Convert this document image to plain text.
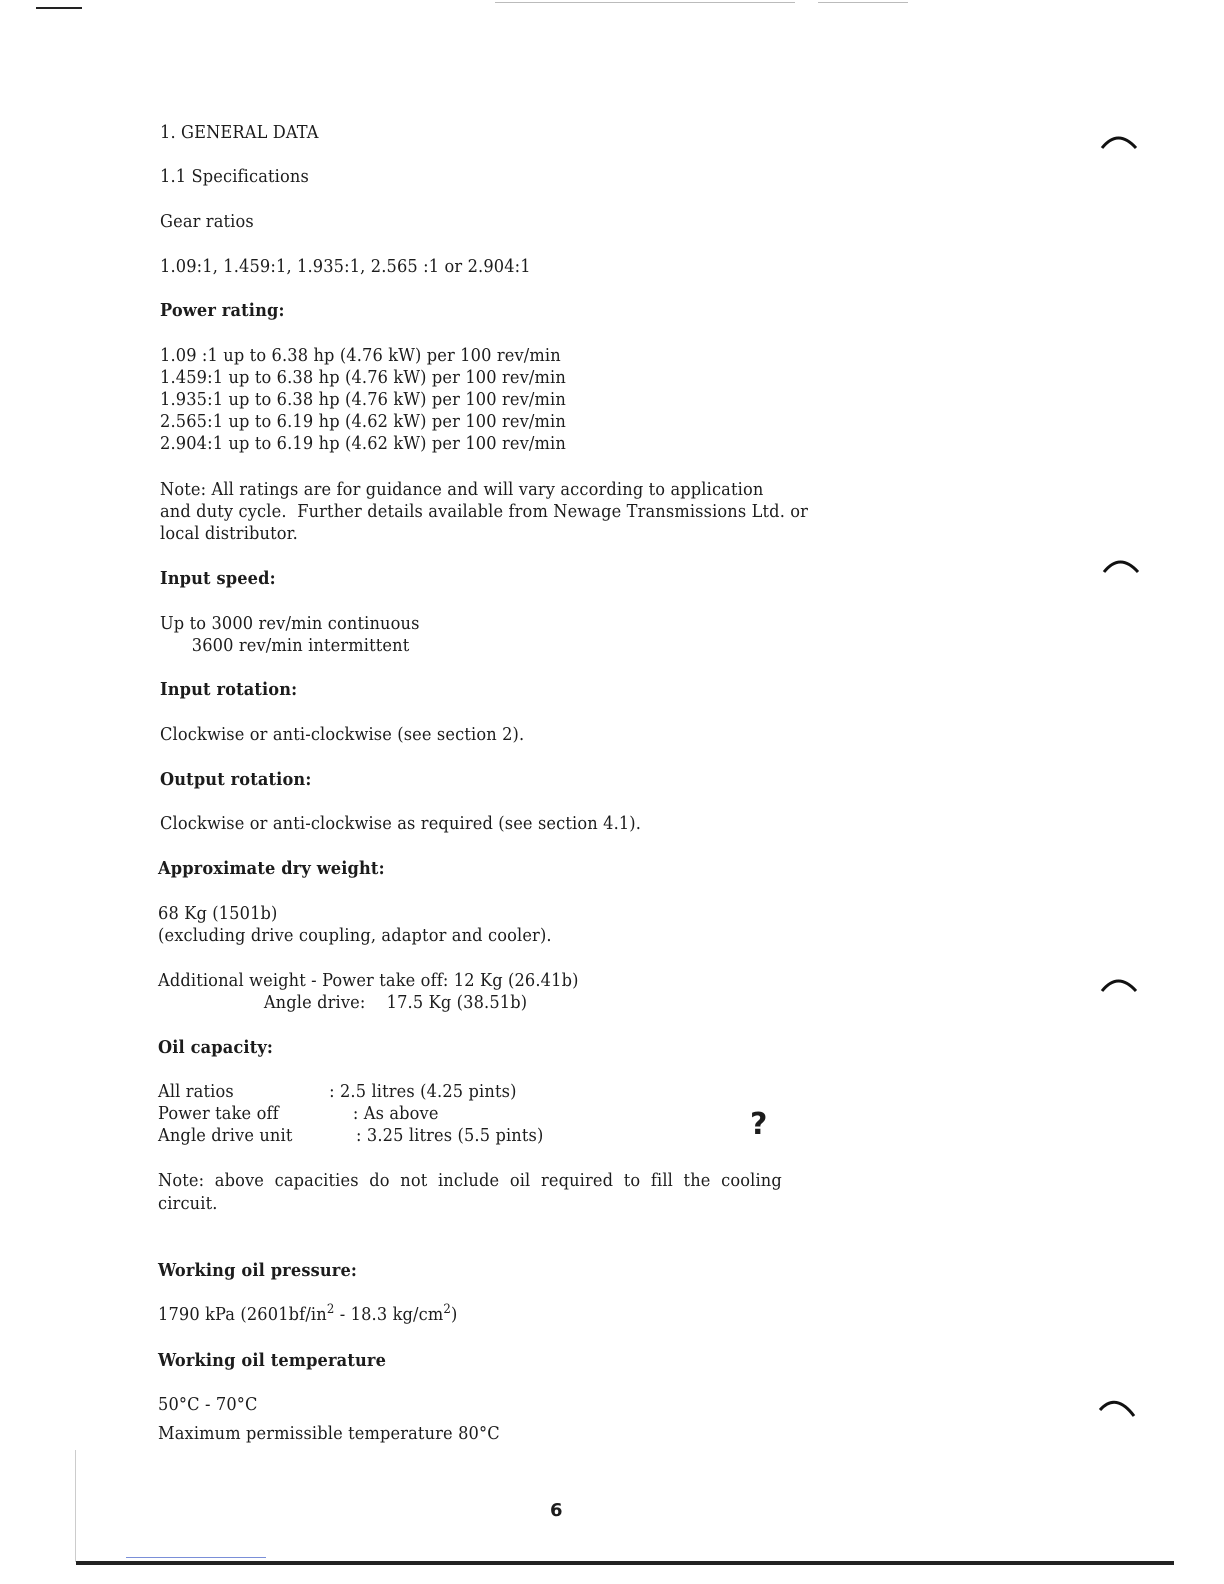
1. GENERAL DATA
1.1 Specifications
Gear ratios
1.09:1, 1.459:1, 1.935:1, 2.565 :1 or 2.904:1
Power rating:
1.09 :1 up to 6.38 hp (4.76 kW) per 100 rev/min
1.459:1 up to 6.38 hp (4.76 kW) per 100 rev/min
1.935:1 up to 6.38 hp (4.76 kW) per 100 rev/min
2.565:1 up to 6.19 hp (4.62 kW) per 100 rev/min
2.904:1 up to 6.19 hp (4.62 kW) per 100 rev/min
Note: All ratings are for guidance and will vary according to application
and duty cycle.  Further details available from Newage Transmissions Ltd. or
local distributor.
Input speed:
Up to 3000 rev/min continuous
3600 rev/min intermittent
Input rotation:
Clockwise or anti-clockwise (see section 2).
Output rotation:
Clockwise or anti-clockwise as required (see section 4.1).
Approximate dry weight:
68 Kg (1501b)
(excluding drive coupling, adaptor and cooler).
Additional weight - Power take off: 12 Kg (26.41b)
Angle drive:    17.5 Kg (38.51b)
Oil capacity:
All ratios                  : 2.5 litres (4.25 pints)
Power take off              : As above
Angle drive unit            : 3.25 litres (5.5 pints)	?
Note:  above  capacities  do  not  include  oil  required  to  fill  the  cooling
circuit.
Working oil pressure:
1790 kPa ($2601bf/in^2 - 18.3$ $kg/cm^2$)
Working oil temperature
50°C - 70°C
Maximum permissible temperature 80°C
6
